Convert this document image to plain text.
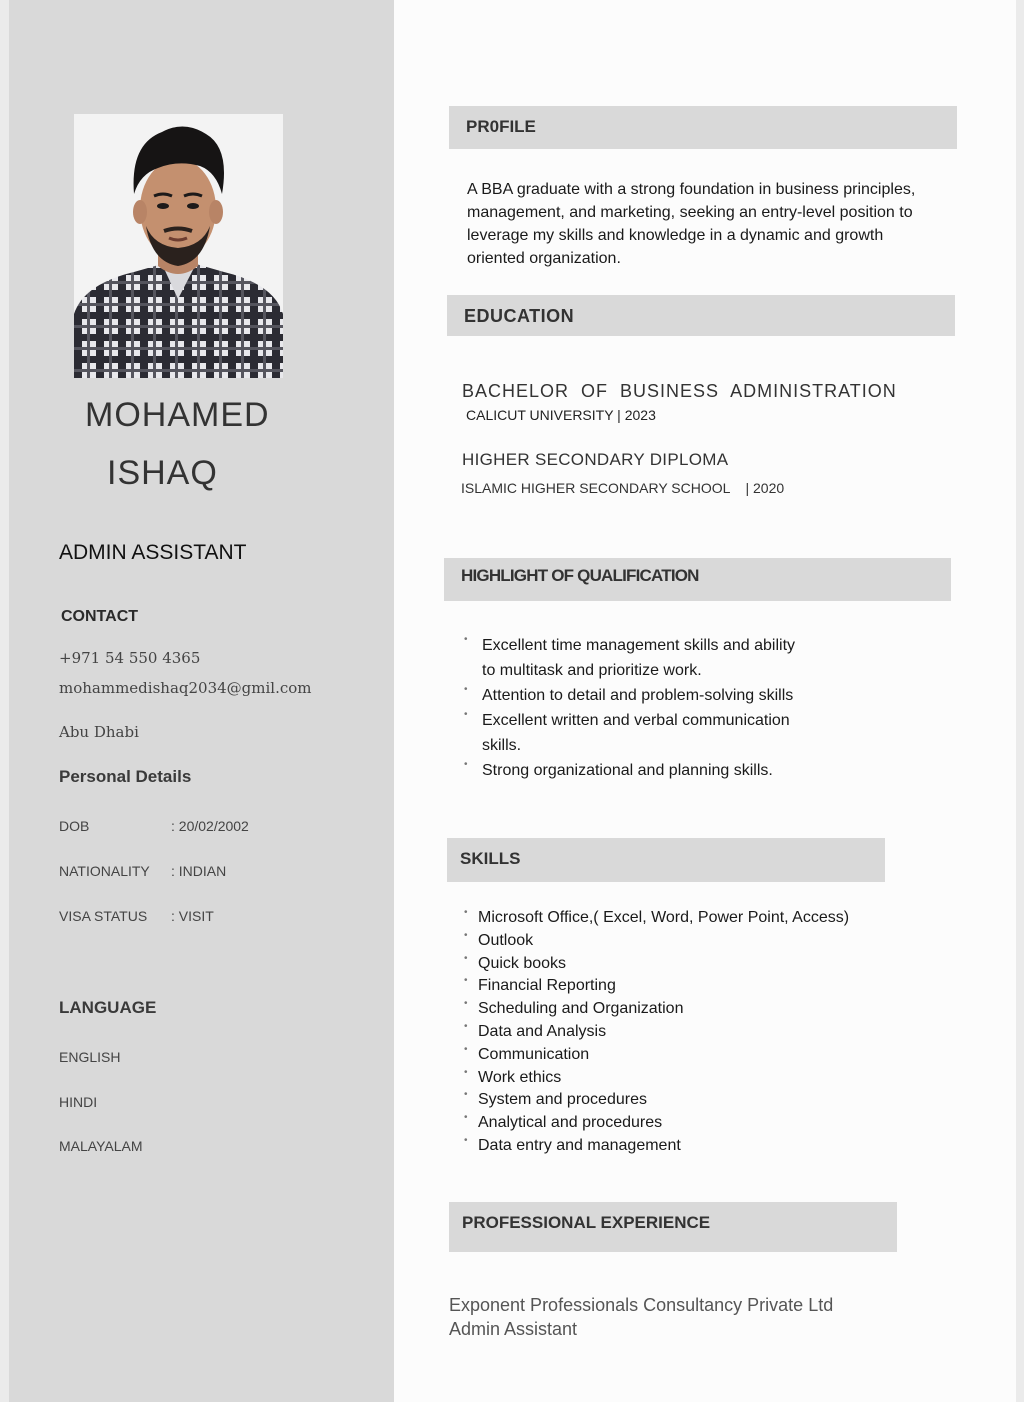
MOHAMED
ISHAQ
ADMIN ASSISTANT
CONTACT
+971 54 550 4365
mohammedishaq2034@gmil.com
Abu Dhabi
Personal Details
DOB	: 20/02/2002
NATIONALITY : INDIAN
VISA STATUS : VISIT
LANGUAGE
ENGLISH
HINDI
MALAYALAM
PR0FILE
A BBA graduate with a strong foundation in business principles,
management, and marketing, seeking an entry-level position to
leverage my skills and knowledge in a dynamic and growth
oriented organization.
EDUCATION
BACHELOR  OF  BUSINESS  ADMINISTRATION
CALICUT UNIVERSITY | 2023
HIGHER SECONDARY DIPLOMA
ISLAMIC HIGHER SECONDARY SCHOOL    | 2020
HIGHLIGHT OF QUALIFICATION
• Excellent time management skills and ability to multitask and prioritize work.
• Attention to detail and problem-solving skills
• Excellent written and verbal communication skills.
• Strong organizational and planning skills.
SKILLS
• Microsoft Office,( Excel, Word, Power Point, Access)
• Outlook
• Quick books
• Financial Reporting
• Scheduling and Organization
• Data and Analysis
• Communication
• Work ethics
• System and procedures
• Analytical and procedures
• Data entry and management
PROFESSIONAL EXPERIENCE
Exponent Professionals Consultancy Private Ltd
Admin Assistant
